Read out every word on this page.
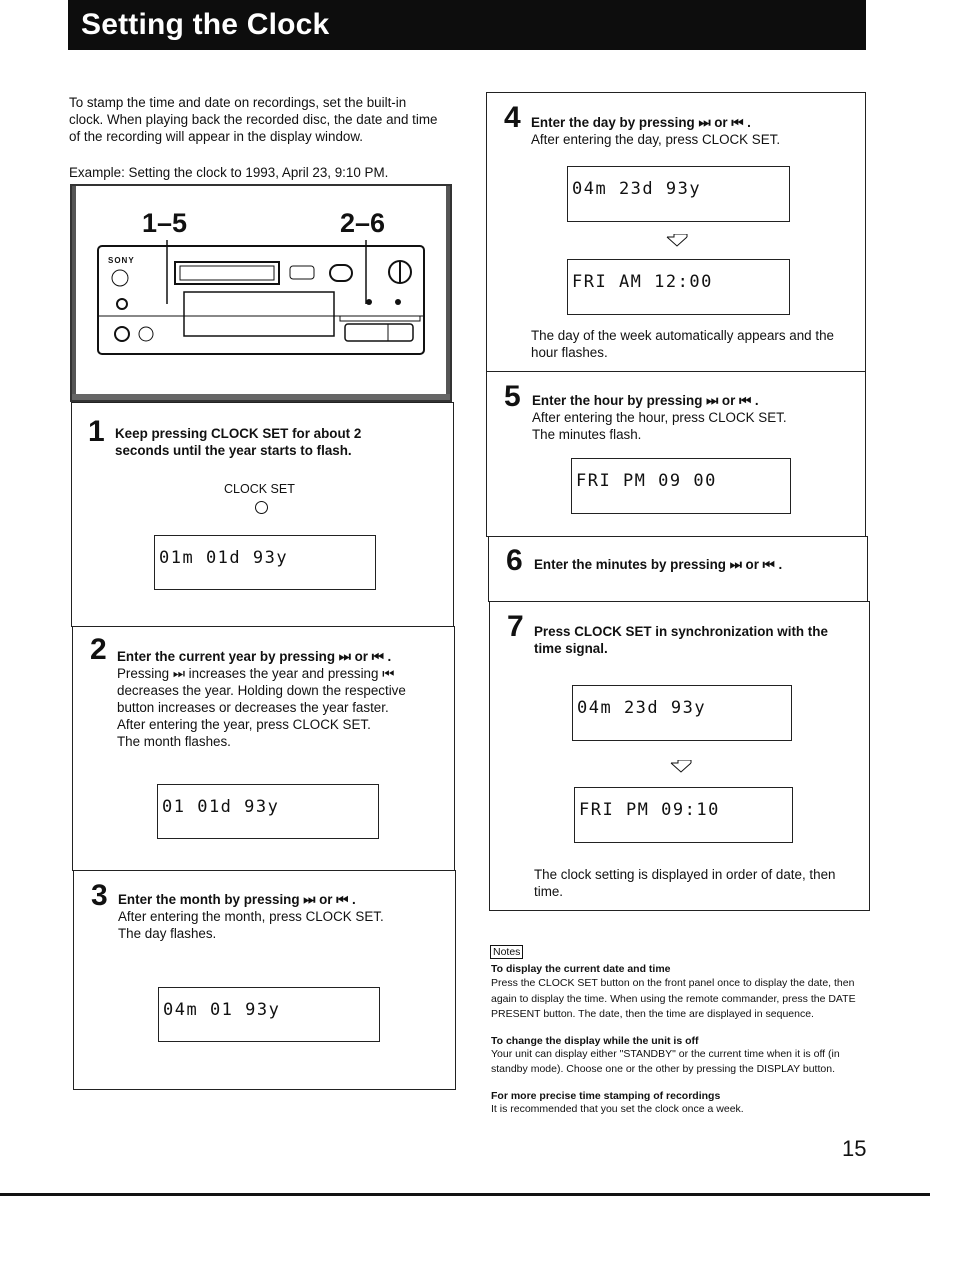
Setting the Clock
To stamp the time and date on recordings, set the built-in clock. When playing back the recorded disc, the date and time of the recording will appear in the display window.
Example: Setting the clock to 1993, April 23, 9:10 PM.
1–5	2–6
SONY
1 Keep pressing CLOCK SET for about 2 seconds until the year starts to flash.
CLOCK SET
01m 01d 93y
2 Enter the current year by pressing ⏭ or ⏮ .
Pressing ⏭ increases the year and pressing ⏮ decreases the year. Holding down the respective button increases or decreases the year faster.
After entering the year, press CLOCK SET.
The month flashes.
01 01d 93y
3 Enter the month by pressing ⏭ or ⏮ .
After entering the month, press CLOCK SET.
The day flashes.
04m 01 93y
4 Enter the day by pressing ⏭ or ⏮ .
After entering the day, press CLOCK SET.
04m 23d 93y
FRI AM 12:00
The day of the week automatically appears and the hour flashes.
5 Enter the hour by pressing ⏭ or ⏮ .
After entering the hour, press CLOCK SET.
The minutes flash.
FRI PM 09 00
6 Enter the minutes by pressing ⏭ or ⏮ .
7 Press CLOCK SET in synchronization with the time signal.
04m 23d 93y
FRI PM 09:10
The clock setting is displayed in order of date, then time.
Notes
To display the current date and time
Press the CLOCK SET button on the front panel once to display the date, then again to display the time. When using the remote commander, press the DATE PRESENT button. The date, then the time are displayed in sequence.
To change the display while the unit is off
Your unit can display either "STANDBY" or the current time when it is off (in standby mode). Choose one or the other by pressing the DISPLAY button.
For more precise time stamping of recordings
It is recommended that you set the clock once a week.
15
